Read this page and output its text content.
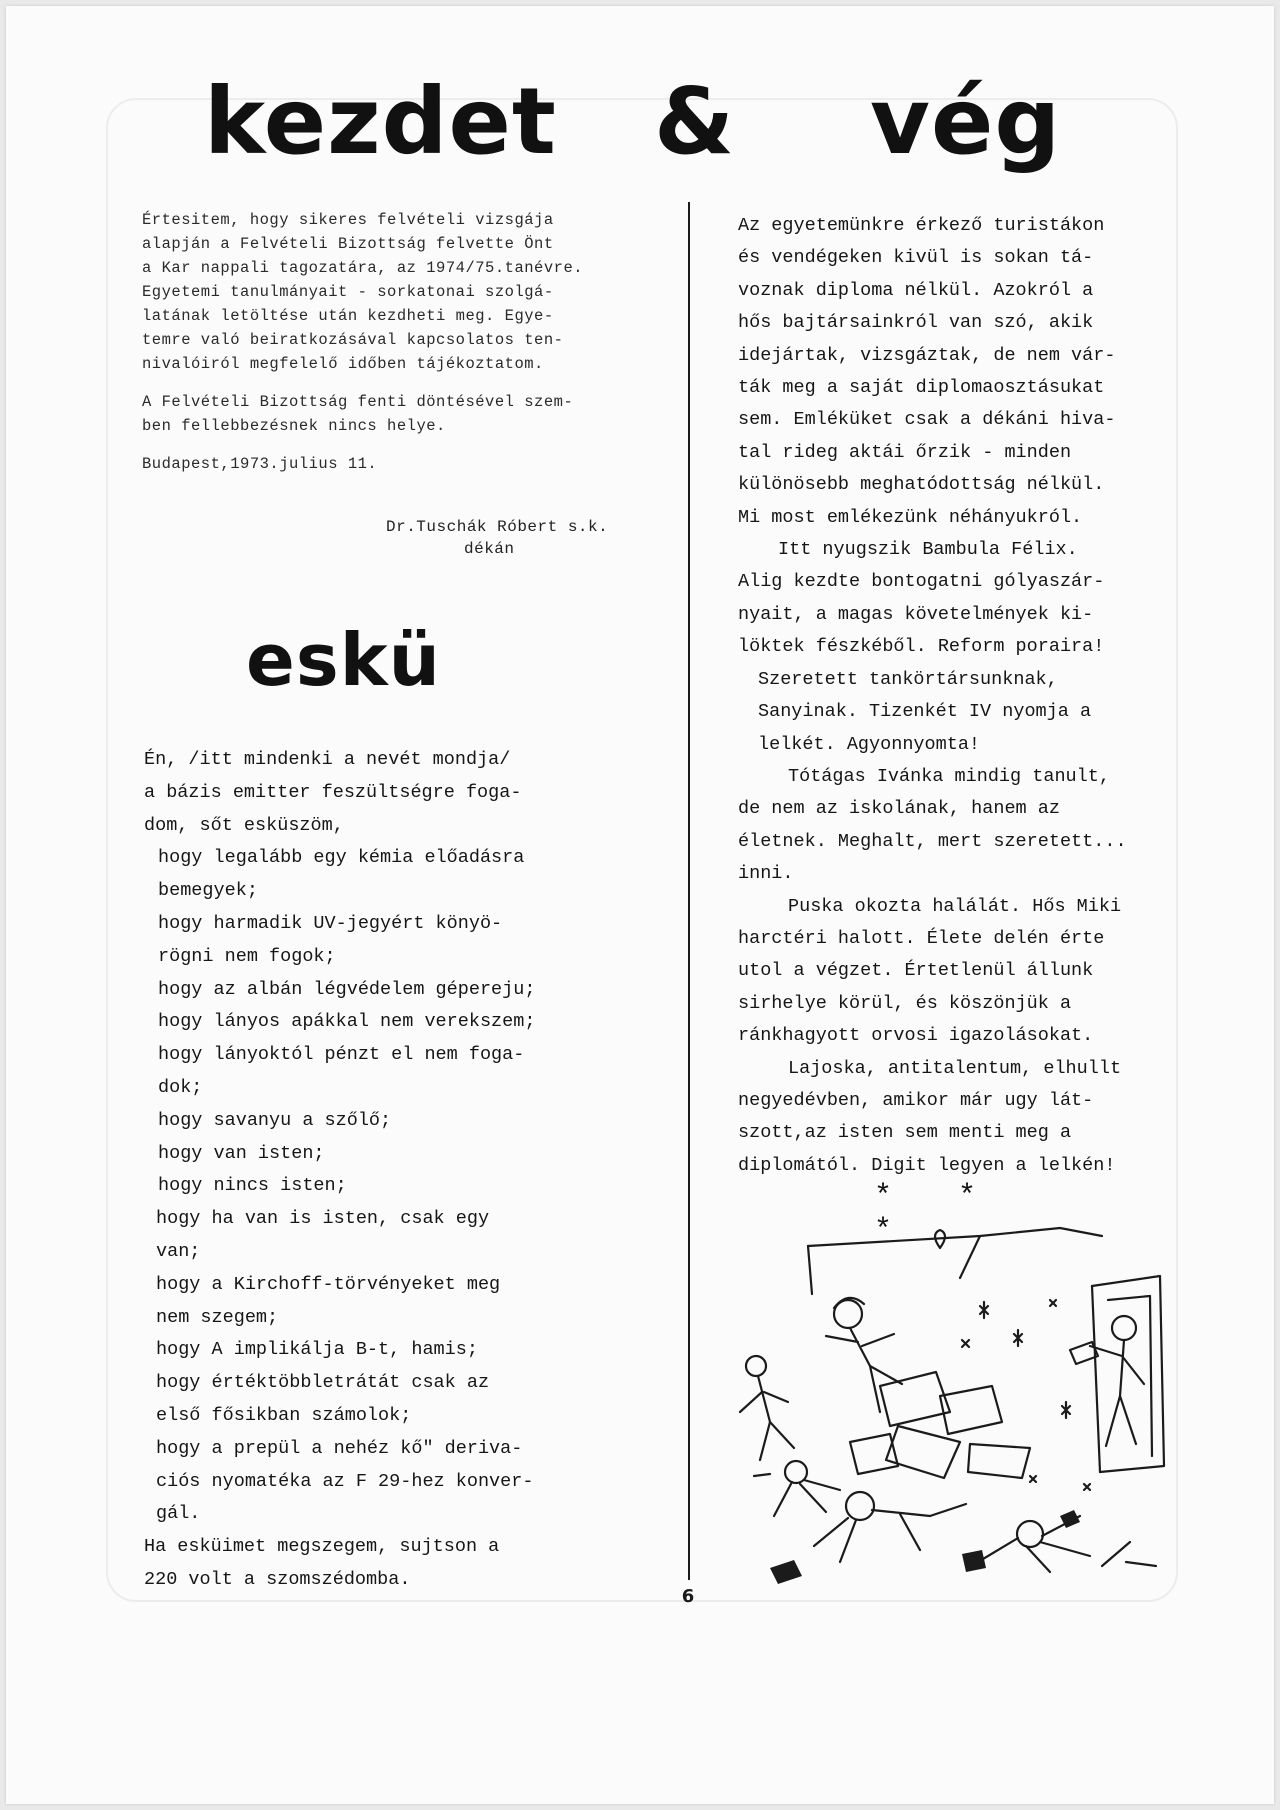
kezdet & vég

Értesitem, hogy sikeres felvételi vizsgája
alapján a Felvételi Bizottság felvette Önt
a Kar nappali tagozatára, az 1974/75.tanévre.
Egyetemi tanulmányait - sorkatonai szolgá-
latának letöltése után kezdheti meg. Egye-
temre való beiratkozásával kapcsolatos ten-
nivalóiról megfelelő időben tájékoztatom.

A Felvételi Bizottság fenti döntésével szem-
ben fellebbezésnek nincs helye.

Budapest,1973.julius 11.

Dr.Tuschák Róbert s.k.
dékán
eskü
Én, /itt mindenki a nevét mondja/
a bázis emitter feszültségre foga-
dom, sőt esküszöm,
hogy legalább egy kémia előadásra
bemegyek;
hogy harmadik UV-jegyért könyö-
rögni nem fogok;
hogy az albán légvédelem gépereju;
hogy lányos apákkal nem verekszem;
hogy lányoktól pénzt el nem foga-
dok;
hogy savanyu a szőlő;
hogy van isten;
hogy nincs isten;
hogy ha van is isten, csak egy
van;
hogy a Kirchoff-törvényeket meg
nem szegem;
hogy A implikálja B-t, hamis;
hogy értéktöbbletrátát csak az
első fősikban számolok;
hogy a prepül a nehéz kő" deriva-
ciós nyomatéka az F 29-hez konver-
gál.
Ha esküimet megszegem, sujtson a
220 volt a szomszédomba.
Az egyetemünkre érkező turistákon
és vendégeken kivül is sokan tá-
voznak diploma nélkül. Azokról a
hős bajtársainkról van szó, akik
idejártak, vizsgáztak, de nem vár-
ták meg a saját diplomaosztásukat
sem. Emléküket csak a dékáni hiva-
tal rideg aktái őrzik - minden
különösebb meghatódottság nélkül.
Mi most emlékezünk néhányukról.
Itt nyugszik Bambula Félix.
Alig kezdte bontogatni gólyaszár-
nyait, a magas követelmények ki-
löktek fészkéből. Reform poraira!
Szeretett tankörtársunknak,
Sanyinak. Tizenkét IV nyomja a
lelkét. Agyonnyomta!
Tótágas Ivánka mindig tanult,
de nem az iskolának, hanem az
életnek. Meghalt, mert szeretett...
inni.
Puska okozta halálát. Hős Miki
harctéri halott. Élete delén érte
utol a végzet. Értetlenül állunk
sirhelye körül, és köszönjük a
ránkhagyott orvosi igazolásokat.
Lajoska, antitalentum, elhullt
negyedévben, amikor már ugy lát-
szott,az isten sem menti meg a
diplomától. Digit legyen a lelkén!
* * *
6
